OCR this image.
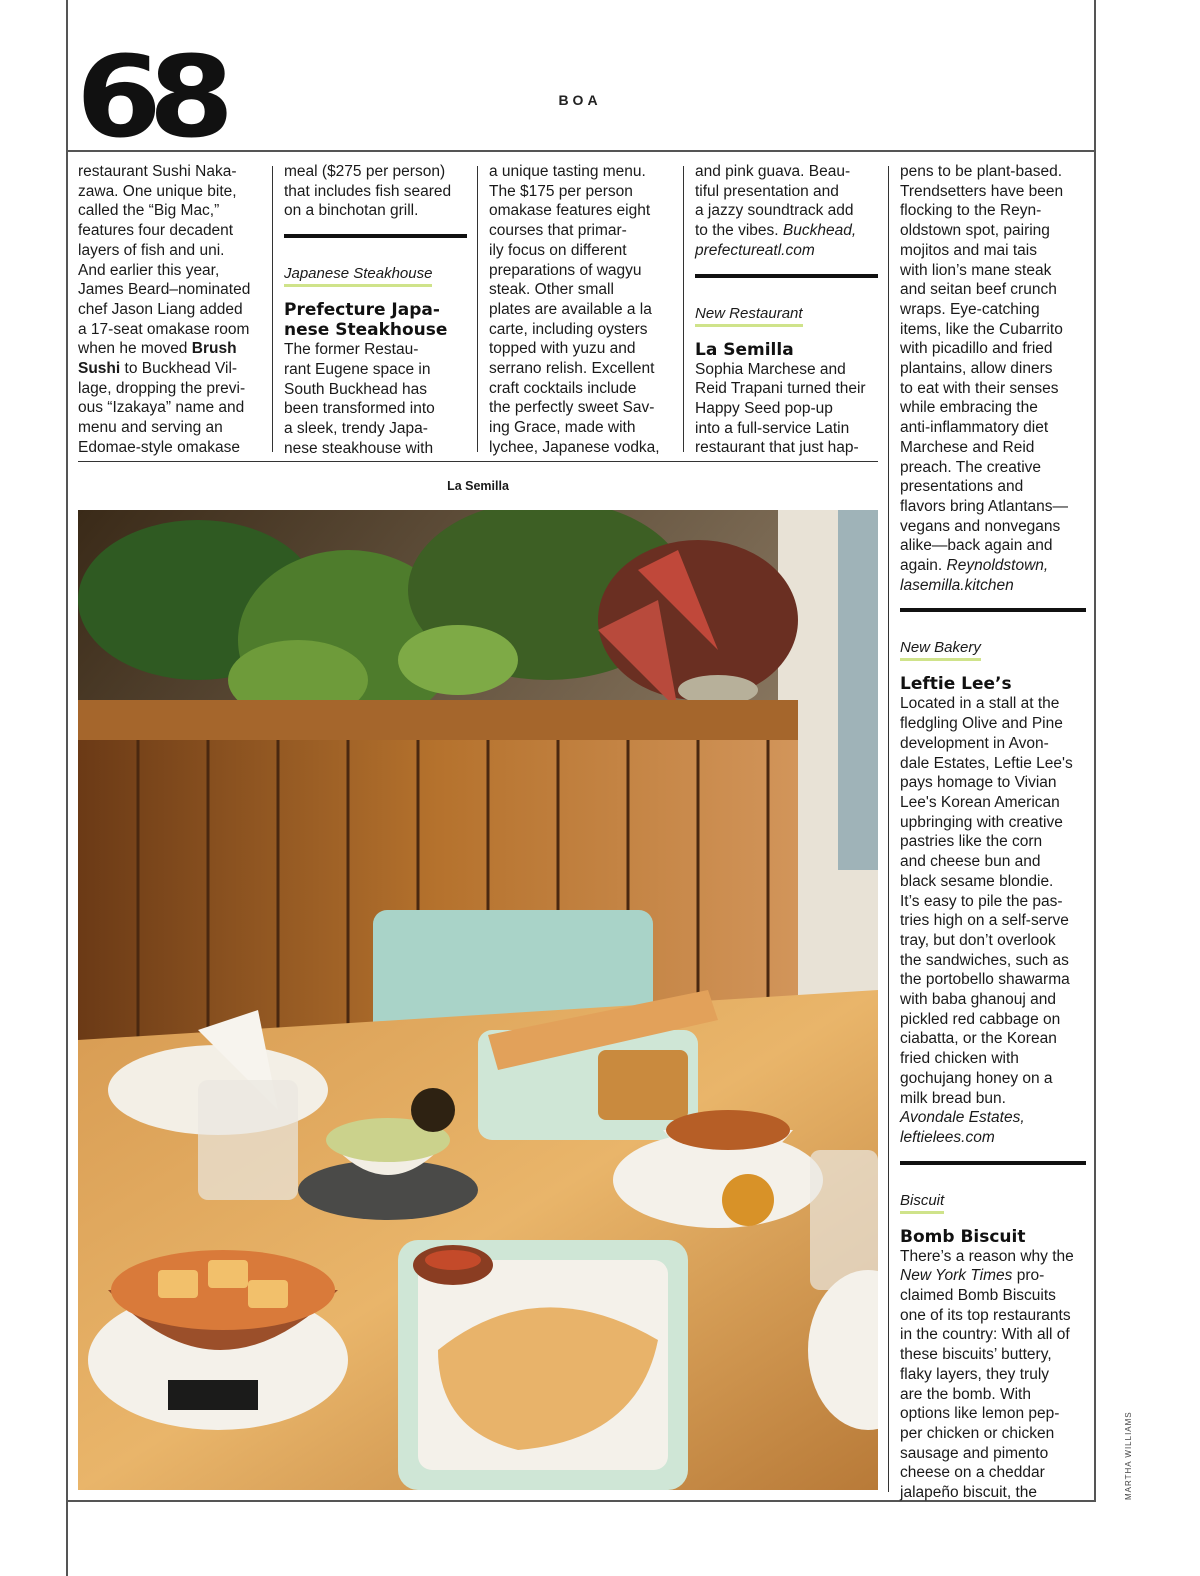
68	BOA

restaurant Sushi Naka-

zawa. One unique bite,

called the “Big Mac,”

features four decadent

layers of fish and uni.

And earlier this year,

James Beard–nominated

chef Jason Liang added

a 17-seat omakase room

when he moved Brush

Sushi to Buckhead Vil-

lage, dropping the previ-

ous “Izakaya” name and

menu and serving an

Edomae-style omakase

meal ($275 per person)

that includes fish seared

on a binchotan grill.

Japanese Steakhouse
Prefecture Japa-
nese Steakhouse

The former Restau-

rant Eugene space in

South Buckhead has

been transformed into

a sleek, trendy Japa-

nese steakhouse with

a unique tasting menu.

The $175 per person

omakase features eight

courses that primar-

ily focus on different

preparations of wagyu

steak. Other small

plates are available a la

carte, including oysters

topped with yuzu and

serrano relish. Excellent

craft cocktails include

the perfectly sweet Sav-

ing Grace, made with

lychee, Japanese vodka,

and pink guava. Beau-

tiful presentation and

a jazzy soundtrack add

to the vibes. Buckhead,

prefectureatl.com

New Restaurant
La Semilla

Sophia Marchese and

Reid Trapani turned their

Happy Seed pop-up

into a full-service Latin

restaurant that just hap-

pens to be plant-based.

Trendsetters have been

flocking to the Reyn-

oldstown spot, pairing

mojitos and mai tais

with lion’s mane steak

and seitan beef crunch

wraps. Eye-catching

items, like the Cubarrito

with picadillo and fried

plantains, allow diners

to eat with their senses

while embracing the

anti-inflammatory diet

Marchese and Reid

preach. The creative

presentations and

flavors bring Atlantans—

vegans and nonvegans

alike—back again and

again. Reynoldstown,

lasemilla.kitchen

New Bakery
Leftie Lee’s

Located in a stall at the

fledgling Olive and Pine

development in Avon-

dale Estates, Leftie Lee's

pays homage to Vivian

Lee's Korean American

upbringing with creative

pastries like the corn

and cheese bun and

black sesame blondie.

It’s easy to pile the pas-

tries high on a self-serve

tray, but don’t overlook

the sandwiches, such as

the portobello shawarma

with baba ghanouj and

pickled red cabbage on

ciabatta, or the Korean

fried chicken with

gochujang honey on a

milk bread bun.

Avondale Estates,

leftielees.com

Biscuit
Bomb Biscuit

There’s a reason why the

New York Times pro-

claimed Bomb Biscuits

one of its top restaurants

in the country: With all of

these biscuits’ buttery,

flaky layers, they truly

are the bomb. With

options like lemon pep-

per chicken or chicken

sausage and pimento

cheese on a cheddar

jalapeño biscuit, the

La Semilla
MARTHA WILLIAMS
